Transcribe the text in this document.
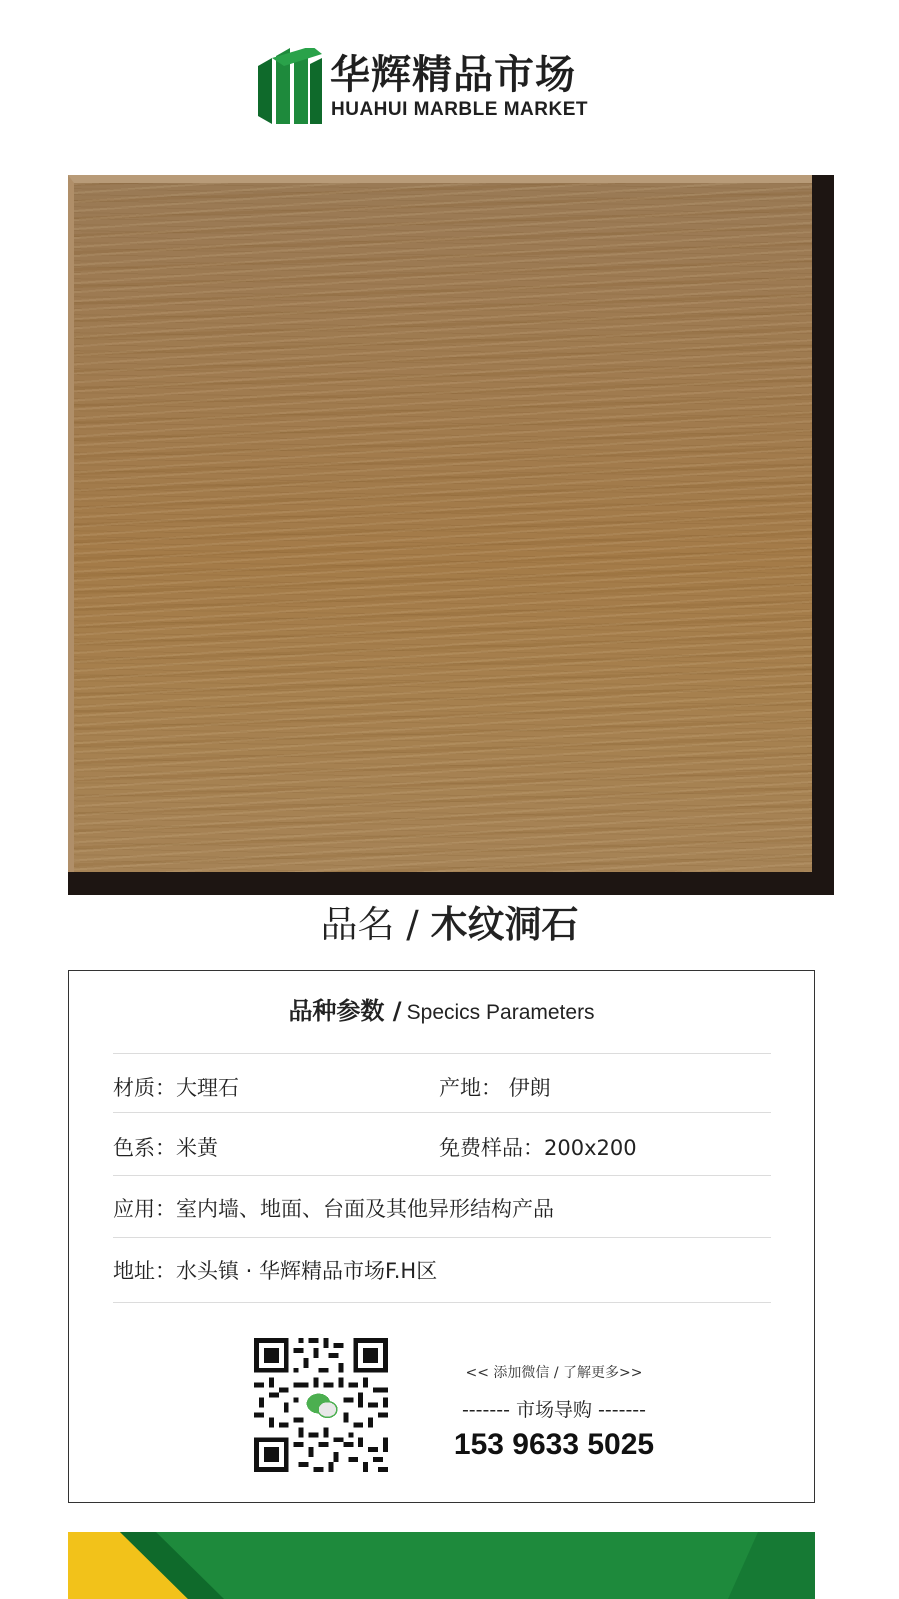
华辉精品市场
HUAHUI MARBLE MARKET
品名 / 木纹洞石
品种参数 / Specics Parameters
材质：大理石	产地： 伊朗
色系：米黄	免费样品：200x200
应用：室内墙、地面、台面及其他异形结构产品
地址：水头镇 · 华辉精品市场F.H区
<< 添加微信 / 了解更多>>
------- 市场导购 -------
153 9633 5025
